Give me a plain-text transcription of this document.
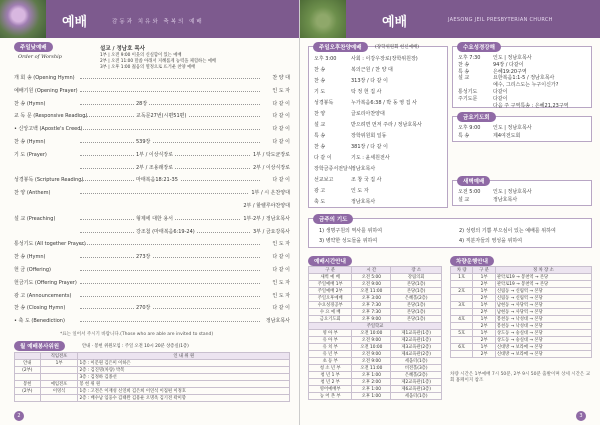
예배	감동과 치유와 축복의 예배
주일낮예배
Order of Worship
설교 / 정남호 목사
1부 | 오전 9:00 이웃의 신실함이 있는 예배
2부 | 오전 11:00 말씀 아래서 지혜롭게 능력을 체험하는 예배
3부 | 오후 1:00 젊음의 열정으로 뜨거운 찬양 예배
개 회 송 (Opening Hymn)	찬 양 대
예배기원 (Opening Prayer)	인 도 자
찬 송 (Hymn)	28장	다 같 이
교 독 문 (Responsive Reading)	교독문27번(시편51편)	다 같 이
• 신앙고백 (Apostle's Creed)	다 같 이
찬 송 (Hymn)	539장	다 같 이
기 도 (Prayer)	1부 / 이상식장로	1부 / 탁도균장로
2부 / 조용래장로	2부 / 이상식장로
성경봉독 (Scripture Reading)	마태복음18:21-35	다 같 이
찬 양 (Anthem)	1부 / 시 온찬양대
2부 / 할렐루야찬양대
설 교 (Preaching)	형제에 대한 용서	1부·2부 / 정남호목사
강조첨 (마태복음6:19-24)	3부 / 금요강목사
통성기도 (All together Prayer)	인 도 자
찬 송 (Hymn)	273장	다 같 이
헌 금 (Offering)	다 같 이
헌금기도 (Offering Prayer)	인 도 자
광 고 (Announcements)	인 도 자
찬 송 (Closing Hymn)	270장	다 같 이
• 축 도 (Benediction)	정남호목사
*표는 일어서 주시기 바랍니다.(Those who are able are invited to stand)
월 예배봉사위원	안내 · 봉헌 위원모임 : 주일 오전 10시 20분 상층실(1층)
	직임전포	인 내 위 원
안내	1부	1층 : 이문원 김은미 이하은
(2부)		2층 : 김진명(차량) 박복
		3층 : 김정하 김종선
봉헌	예임전포	봉 헌 위 원
(2부)	이영식	1층 : 고전은 이재성 신연희 김은희 이연석 이집편 이정호
		2층 : 배수남 임웅수 김태완 김용운 오명옥 김기전 곽미향
2
예배	JAESONG JEIL PRESBYTERIAN CHURCH
주일오후찬양예배	(장학위원회 헌신예배)
오후 3:00	사회 : 이강우장로(장학위원장)
찬 송	복의근원 / 찬 양 대
찬 송	313장 / 다 같 이
기 도	탁 정 헌 집 사
성경봉독	누가복음6:38 / 박 동 영 집 사
찬 양	글로리아찬양대
설 교	받으려면 먼저 주라 / 정남호목사
특 송	장학위원회 일동
찬 송	381장 / 다 같 이
다 같 이	기도 : 윤세원전사
장학금증서전달식
정남호목사
선교보고	조 창 국 집 사
광 고	인 도 자
축 도	정남호목사
수요성경강해
오후 7:30	인도 | 정남호목사
찬 송	94장 / 다같이
특 송	은혜19:20구역
설 교	요한복음1:1-5 / 정남호목사
예수, 그리스도는 누구이신가?
통성기도	다같이
주기도문	다같이
다음 주 구역특송 : 은혜21,23구역
금요기도회
오후 9:00	인도 | 정남호목사
특 송	제4여전도회
새벽예배
오전 5:00	인도 | 정남호목사
설 교	정남호목사
금주의 기도
1) 생명구원의 역사를 위하여	2) 성령의 기쁨 부으심이 있는 예배를 위하여
3) 병약한 성도들을 위하여	4) 직분자들의 영성을 위하여
예배시간안내
구 분	시 간	장 소
새벽 예 배	오전 5:00	강림의회
주일예배 1부	오전 9:00	본당(1층)
주일예배 2부	오전 11:00	본당(1층)
주일오후예배	오후 3:00	은혜홀(2층)
수요성경공부	오후 7:30	본당(1층)
수 요 예 배	오후 7:30	본당(1층)
금요기도회	오후 9:00	본당(1층)
주일학교		
영 아 부	오전 10:00	제1교육관(1층)
유 아 부	오전 9:00	제2교육관(1층)
유 치 부	오전 10:00	제3교육관(2층)
유 년 부	오전 9:00	제4교육관(2층)
초 등 부	오전 9:00	세움터(1층)
청 소 년 부	오전 11:00	비전홀(3층)
청 년 1 부	오후 1:00	은혜홀(2층)
청 년 2 부	오후 2:00	제2교육관(1층)
영어예배부	오후 1:00	제6교육관(3층)
농 어 촌 부	오후 1:00	세움터(1층)
차량운행안내
차 량	구 분	정 차 장 소
1호	1부	관악로19 → 봉천역 → 본당
	2부	관악로19 → 봉천역 → 본당
2호	1부	신림동 → 신림역 → 본당
	2부	신림동 → 신림역 → 본당
3호	1부	남현동 → 사당역 → 본당
	2부	남현동 → 사당역 → 본당
4호	1부	봉천동 → 낙성대 → 본당
	2부	봉천동 → 낙성대 → 본당
5호	1부	상도동 → 숭실대 → 본당
	2부	상도동 → 숭실대 → 본당
6호	1부	신대방 → 보라매 → 본당
	2부	신대방 → 보라매 → 본당
차량 시간은 1부예배 7시 50분, 2부 9시 50분 출발이며 상세 시간은 교회 홈페이지 참조
3
